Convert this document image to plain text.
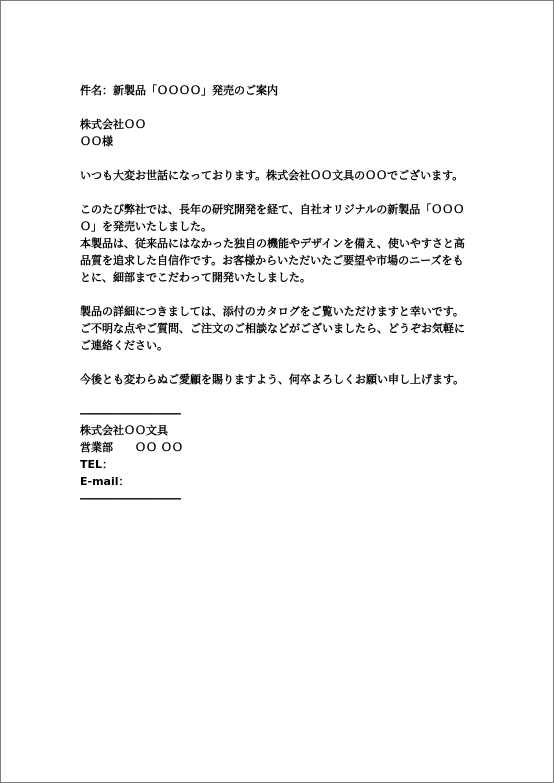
件名：新製品「ＯＯＯＯ」発売のご案内
株式会社ＯＯ
ＯＯ様
いつも大変お世話になっております。株式会社ＯＯ文具のＯＯでございます。
このたび弊社では、長年の研究開発を経て、自社オリジナルの新製品「ＯＯＯ
Ｏ」を発売いたしました。
本製品は、従来品にはなかった独自の機能やデザインを備え、使いやすさと高
品質を追求した自信作です。お客様からいただいたご要望や市場のニーズをも
とに、細部までこだわって開発いたしました。
製品の詳細につきましては、添付のカタログをご覧いただけますと幸いです。
ご不明な点やご質問、ご注文のご相談などがございましたら、どうぞお気軽に
ご連絡ください。
今後とも変わらぬご愛顧を賜りますよう、何卒よろしくお願い申し上げます。
――――――――――
株式会社ＯＯ文具
営業部 ＯＯ ＯＯ
TEL：
E-mail：
――――――――――
